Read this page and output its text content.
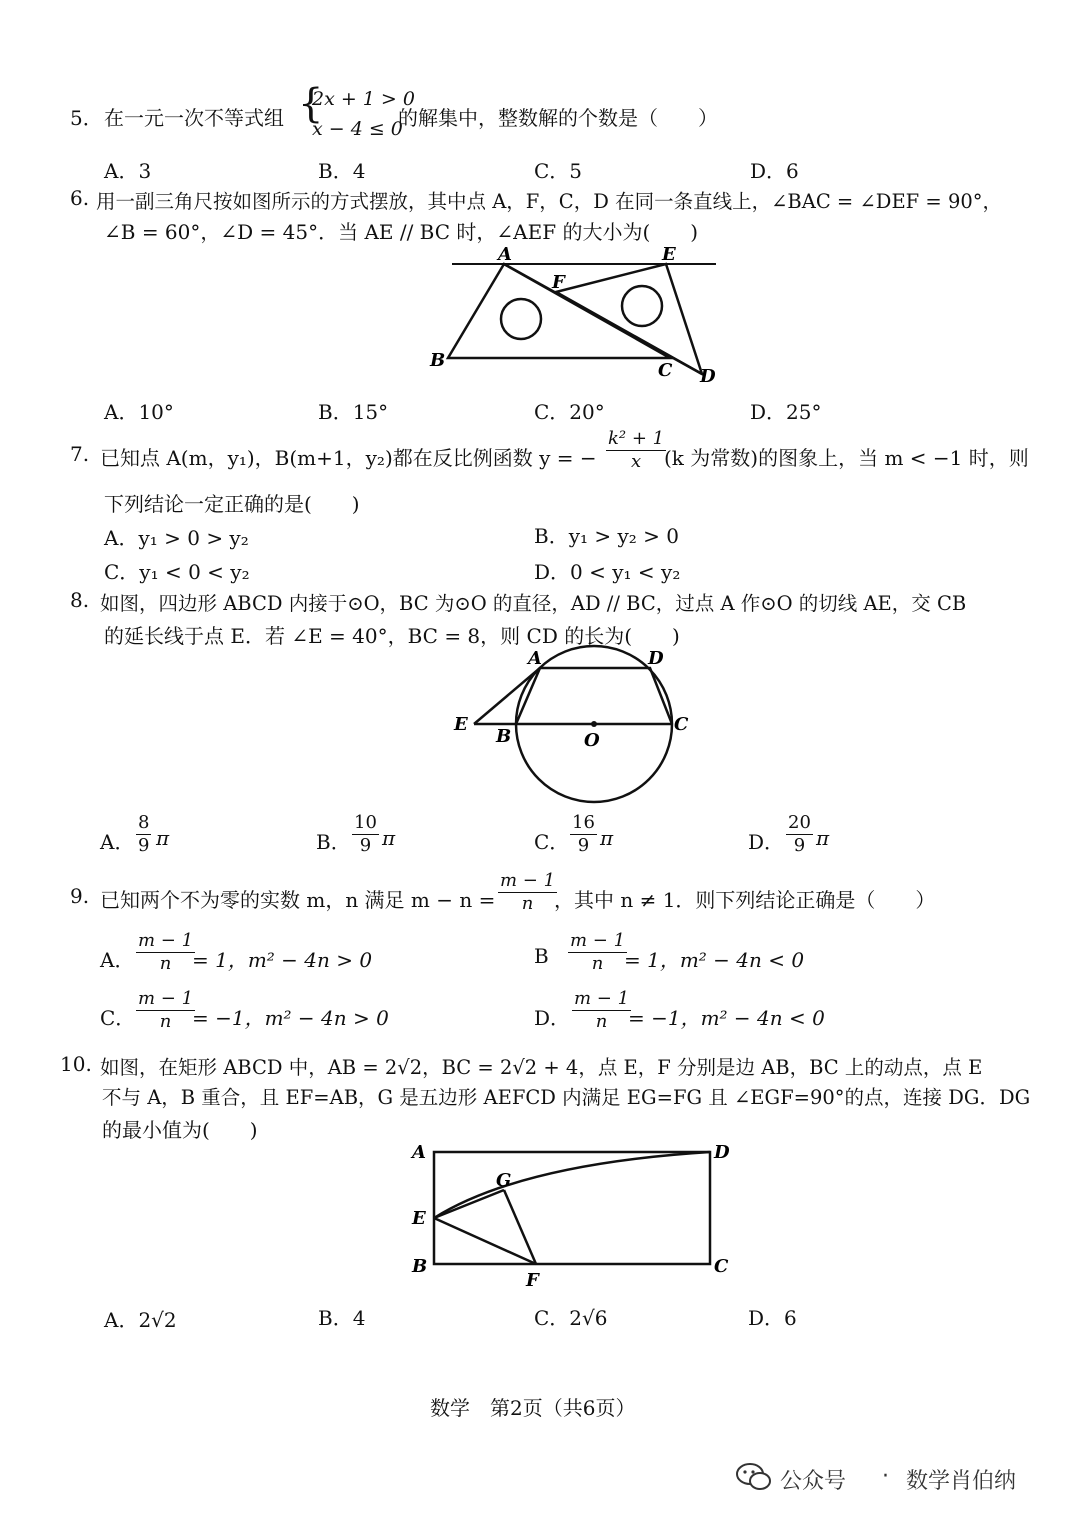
5． 在一元一次不等式组 {
2x + 1 > 0
x − 4 ≤ 0
的解集中，整数解的个数是（　　）
A．3	B．4	C．5	D．6
6. 用一副三角尺按如图所示的方式摆放，其中点 A，F，C，D 在同一条直线上，∠BAC = ∠DEF = 90°，
∠B = 60°，∠D = 45°．当 AE // BC 时，∠AEF 的大小为(　　)
A	E
F
B	C D
A．10°	B．15°	C．20°	D．25°
7. 已知点 A(m，y₁)，B(m+1，y₂)都在反比例函数 y = − $\frac{\text{k² + 1}}{x}$
(k 为常数)的图象上，当 m < −1 时，则
下列结论一定正确的是(　　)
A．y₁ > 0 > y₂	B．y₁ > y₂ > 0
C．y₁ < 0 < y₂	D．0 < y₁ < y₂
8. 如图，四边形 ABCD 内接于⊙O，BC 为⊙O 的直径，AD // BC，过点 A 作⊙O 的切线 AE，交 CB
的延长线于点 E．若 ∠E = 40°，BC = 8，则 CD 的长为(　　)
A	D
E
B	O
C
A． $\frac{8}{9}$ π	B． $\frac{10}{9}$ π	C． $\frac{16}{9}$ π	D． $\frac{20}{9}$ π
9. 已知两个不为零的实数 m，n 满足 $m - n = \frac{m - 1}{n}$
，其中 n ≠ 1．则下列结论正确是（　　）
A． $\frac{m - 1}{n}$
= 1，m² − 4n > 0	B $\frac{m - 1}{n}$
= 1，m² − 4n < 0
C． $\frac{m - 1}{n}$
= −1，m² − 4n > 0	D． $\frac{m - 1}{n}$
= −1，m² − 4n < 0
10. 如图，在矩形 ABCD 中，AB = 2√2，BC = 2√2 + 4，点 E，F 分别是边 AB，BC 上的动点，点 E
不与 A，B 重合，且 EF=AB，G 是五边形 AEFCD 内满足 EG=FG 且 ∠EGF=90°的点，连接 DG．DG
的最小值为(　　)
A	D
G
E
B
F
C
A．2√2	B．4	C．2√6	D．6
数学　第2页（共6页）
公众号 · 数学肖伯纳
